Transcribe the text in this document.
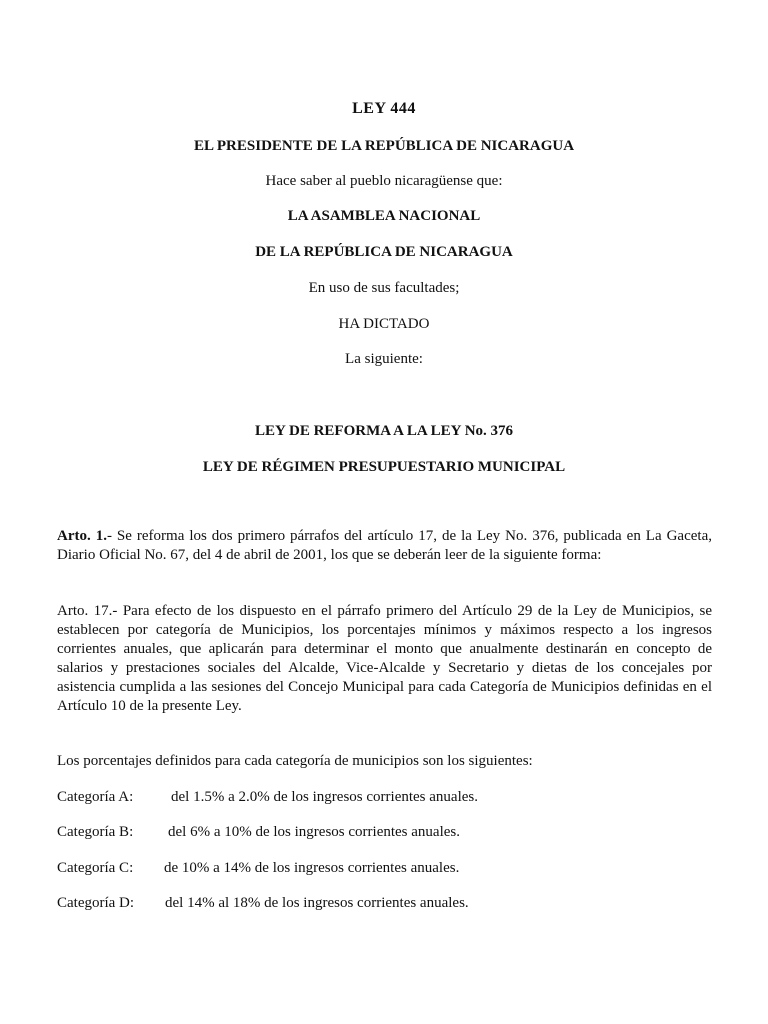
LEY 444
EL PRESIDENTE DE LA REPÚBLICA DE NICARAGUA
Hace saber al pueblo nicaragüense que:
LA ASAMBLEA NACIONAL
DE LA REPÚBLICA DE NICARAGUA
En uso de sus facultades;
HA DICTADO
La siguiente:
LEY DE REFORMA A LA LEY No. 376
LEY DE RÉGIMEN PRESUPUESTARIO MUNICIPAL
Arto. 1.- Se reforma los dos primero párrafos del artículo 17, de la Ley No. 376, publicada en La Gaceta, Diario Oficial No. 67, del 4 de abril de 2001, los que se deberán leer de la siguiente forma:
Arto. 17.- Para efecto de los dispuesto en el párrafo primero del Artículo 29 de la Ley de Municipios, se establecen por categoría de Municipios, los porcentajes mínimos y máximos respecto a los ingresos corrientes anuales, que aplicarán para determinar el monto que anualmente destinarán en concepto de salarios y prestaciones sociales del Alcalde, Vice-Alcalde y Secretario y dietas de los concejales por asistencia cumplida a las sesiones del Concejo Municipal para cada Categoría de Municipios definidas en el Artículo 10 de la presente Ley.
Los porcentajes definidos para cada categoría de municipios son los siguientes:
Categoría A:	del 1.5% a 2.0% de los ingresos corrientes anuales.
Categoría B: del 6% a 10% de los ingresos corrientes anuales.
Categoría C: de 10% a 14% de los ingresos corrientes anuales.
Categoría D: del 14% al 18% de los ingresos corrientes anuales.
